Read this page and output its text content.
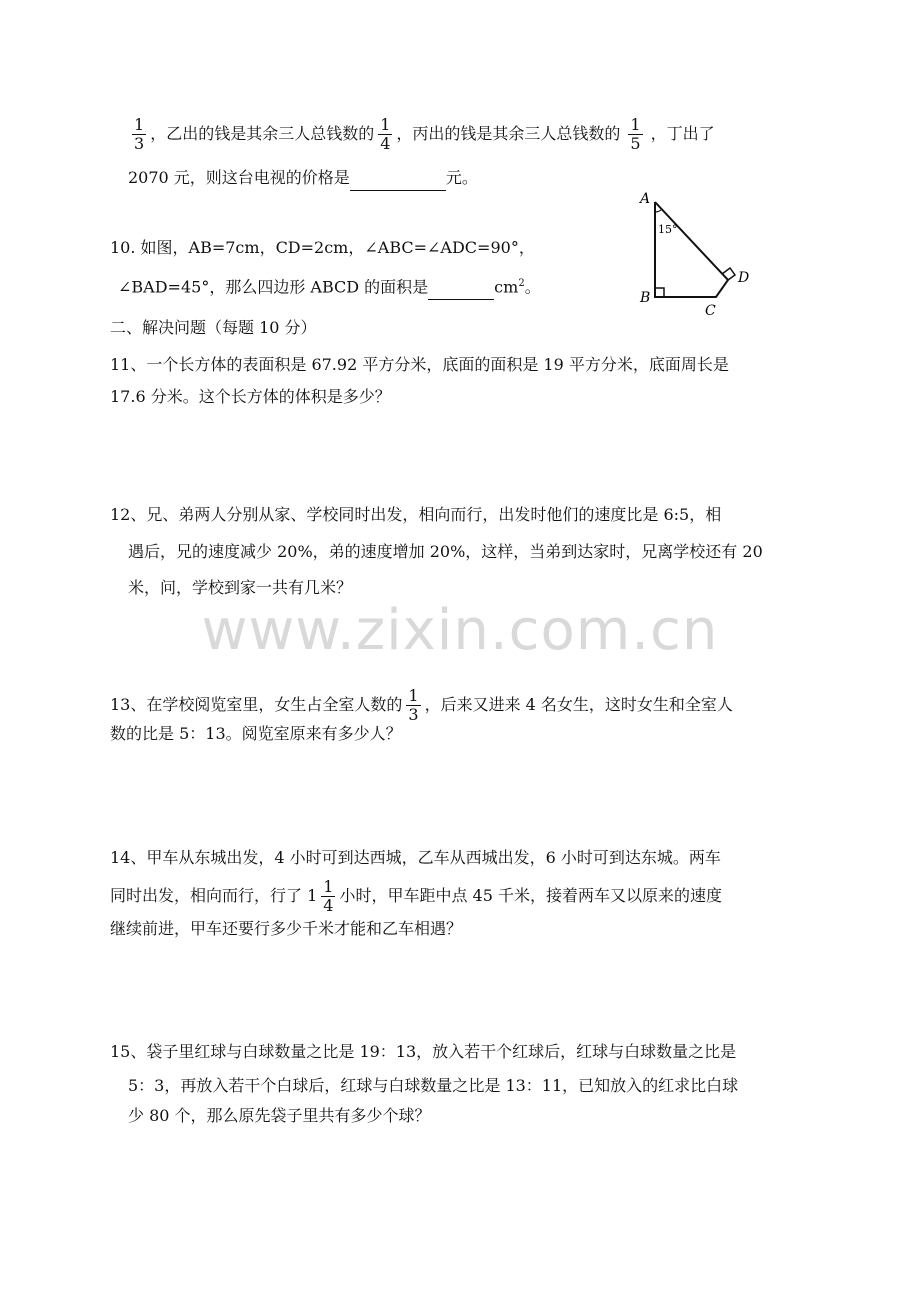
$\frac{1}{3}$ ，乙出的钱是其余三人总钱数的 $\frac{1}{4}$ ，丙出的钱是其余三人总钱数的 $\frac{1}{5}$ ，丁出了
2070 元，则这台电视的价格是	元。
10. 如图，AB=7cm，CD=2cm，∠ABC=∠ADC=90°，
∠BAD=45°，那么四边形 ABCD 的面积是	$cm^2$。
A
B
C
D
15°
二、解决问题（每题 10 分）
11、一个长方体的表面积是 67.92 平方分米，底面的面积是 19 平方分米，底面周长是
17.6 分米。这个长方体的体积是多少？
12、兄、弟两人分别从家、学校同时出发，相向而行，出发时他们的速度比是 6:5，相
遇后，兄的速度减少 20%，弟的速度增加 20%，这样，当弟到达家时，兄离学校还有 20
米，问，学校到家一共有几米？
www.zixin.com.cn
13、在学校阅览室里，女生占全室人数的 $\frac{1}{3}$ ，后来又进来 4 名女生，这时女生和全室人
数的比是 5：13。阅览室原来有多少人？
14、甲车从东城出发，4 小时可到达西城，乙车从西城出发，6 小时可到达东城。两车
同时出发，相向而行，行了 $1 \frac{1}{4}$ 小时，甲车距中点 45 千米，接着两车又以原来的速度
继续前进，甲车还要行多少千米才能和乙车相遇？
15、袋子里红球与白球数量之比是 19：13，放入若干个红球后，红球与白球数量之比是
5：3，再放入若干个白球后，红球与白球数量之比是 13：11，已知放入的红求比白球
少 80 个，那么原先袋子里共有多少个球？
